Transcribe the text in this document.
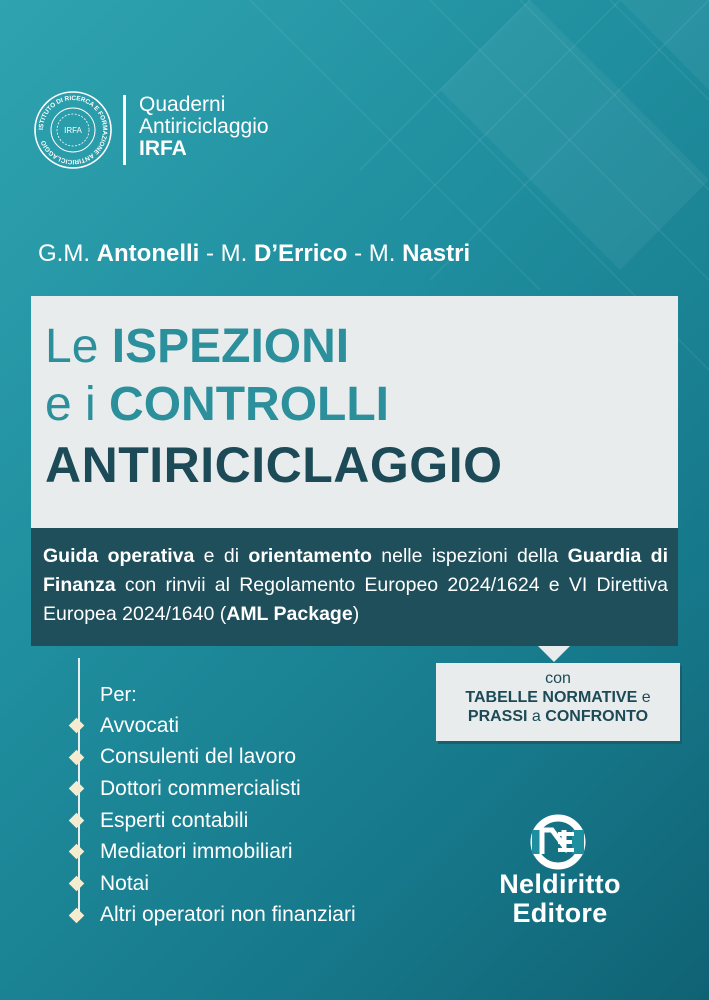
ISTITUTO DI RICERCA E FORMAZIONE ANTIRICICLAGGIO
IRFA
Quaderni
Antiriciclaggio
IRFA
G.M. Antonelli - M. D’Errico - M. Nastri
Le ISPEZIONI
e i CONTROLLI
ANTIRICICLAGGIO
Guida operativa e di orientamento nelle ispezioni della Guardia di Finanza con rinvii al Regolamento Europeo 2024/1624 e VI Direttiva Europea 2024/1640 (AML Package)
con
TABELLE NORMATIVE e
PRASSI a CONFRONTO
Per:
Avvocati
Consulenti del lavoro
Dottori commercialisti
Esperti contabili
Mediatori immobiliari
Notai
Altri operatori non finanziari
Neldiritto
Editore
